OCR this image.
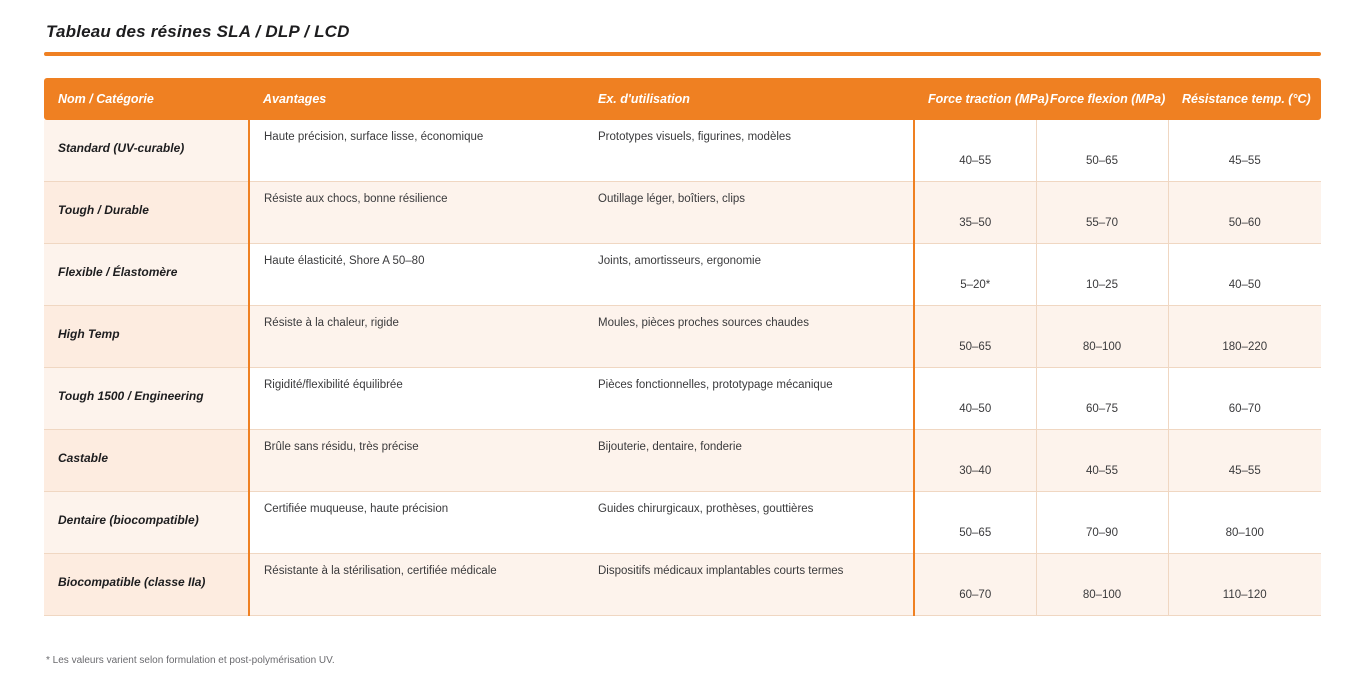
Tableau des résines SLA / DLP / LCD
Nom / Catégorie	Avantages	Ex. d'utilisation	Force traction (MPa)	Force flexion (MPa)	Résistance temp. (°C)
Standard (UV-curable)	Haute précision, surface lisse, économique	Prototypes visuels, figurines, modèles	40–55	50–65	45–55
Tough / Durable	Résiste aux chocs, bonne résilience	Outillage léger, boîtiers, clips	35–50	55–70	50–60
Flexible / Élastomère	Haute élasticité, Shore A 50–80	Joints, amortisseurs, ergonomie	5–20*	10–25	40–50
High Temp	Résiste à la chaleur, rigide	Moules, pièces proches sources chaudes	50–65	80–100	180–220
Tough 1500 / Engineering	Rigidité/flexibilité équilibrée	Pièces fonctionnelles, prototypage mécanique	40–50	60–75	60–70
Castable	Brûle sans résidu, très précise	Bijouterie, dentaire, fonderie	30–40	40–55	45–55
Dentaire (biocompatible)	Certifiée muqueuse, haute précision	Guides chirurgicaux, prothèses, gouttières	50–65	70–90	80–100
Biocompatible (classe IIa)	Résistante à la stérilisation, certifiée médicale	Dispositifs médicaux implantables courts termes	60–70	80–100	110–120
* Les valeurs varient selon formulation et post-polymérisation UV.
